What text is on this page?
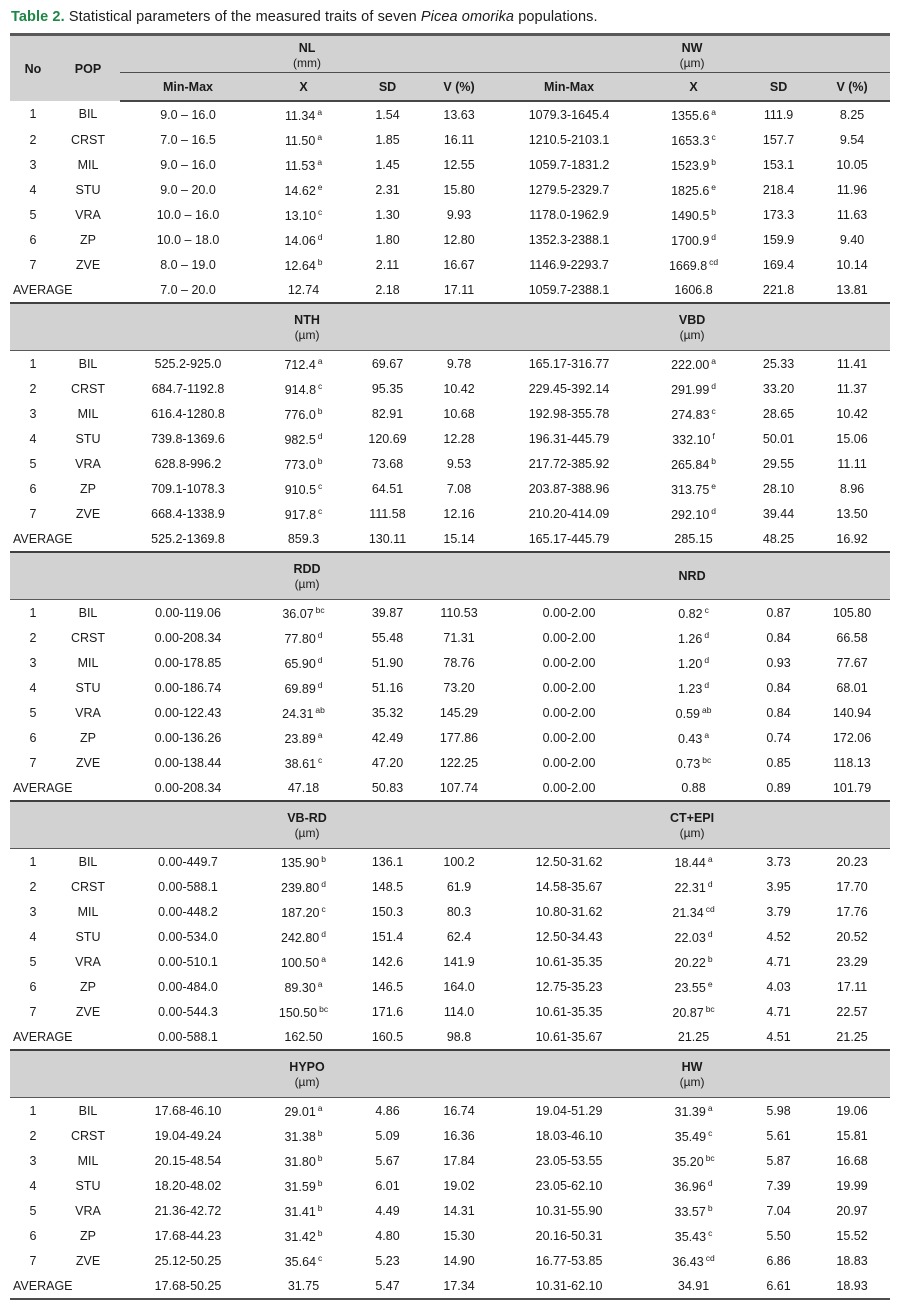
Table 2. Statistical parameters of the measured traits of seven Picea omorika populations.
No	POP	
NL
(mm)

NW
(µm)

		Min-Max	X	SD	V (%)	Min-Max	X	SD	V (%)
1	BIL	9.0 – 16.0	11.34 $^a$	1.54	13.63	1079.3-1645.4	1355.6 $^a$	111.9	8.25
2	CRST	7.0 – 16.5	11.50 $^a$	1.85	16.11	1210.5-2103.1	1653.3 $^c$	157.7	9.54
3	MIL	9.0 – 16.0	11.53 $^a$	1.45	12.55	1059.7-1831.2	1523.9 $^b$	153.1	10.05
4	STU	9.0 – 20.0	14.62 $^e$	2.31	15.80	1279.5-2329.7	1825.6 $^e$	218.4	11.96
5	VRA	10.0 – 16.0	13.10 $^c$	1.30	9.93	1178.0-1962.9	1490.5 $^b$	173.3	11.63
6	ZP	10.0 – 18.0	14.06 $^d$	1.80	12.80	1352.3-2388.1	1700.9 $^d$	159.9	9.40
7	ZVE	8.0 – 19.0	12.64 $^b$	2.11	16.67	1146.9-2293.7	1669.8 $^{cd}$	169.4	10.14
AVERAGE		7.0 – 20.0	12.74	2.18	17.11	1059.7-2388.1	1606.8	221.8	13.81

NTH
(µm)

VBD
(µm)

1	BIL	525.2-925.0	712.4 $^a$	69.67	9.78	165.17-316.77	222.00 $^a$	25.33	11.41
2	CRST	684.7-1192.8	914.8 $^c$	95.35	10.42	229.45-392.14	291.99 $^d$	33.20	11.37
3	MIL	616.4-1280.8	776.0 $^b$	82.91	10.68	192.98-355.78	274.83 $^c$	28.65	10.42
4	STU	739.8-1369.6	982.5 $^d$	120.69	12.28	196.31-445.79	332.10 $^f$	50.01	15.06
5	VRA	628.8-996.2	773.0 $^b$	73.68	9.53	217.72-385.92	265.84 $^b$	29.55	11.11
6	ZP	709.1-1078.3	910.5 $^c$	64.51	7.08	203.87-388.96	313.75 $^e$	28.10	8.96
7	ZVE	668.4-1338.9	917.8 $^c$	111.58	12.16	210.20-414.09	292.10 $^d$	39.44	13.50
AVERAGE		525.2-1369.8	859.3	130.11	15.14	165.17-445.79	285.15	48.25	16.92

		RDD
(µm)				NRD			

1	BIL	0.00-119.06	36.07 $^{bc}$	39.87	110.53	0.00-2.00	0.82 $^c$	0.87	105.80
2	CRST	0.00-208.34	77.80 $^d$	55.48	71.31	0.00-2.00	1.26 $^d$	0.84	66.58
3	MIL	0.00-178.85	65.90 $^d$	51.90	78.76	0.00-2.00	1.20 $^d$	0.93	77.67
4	STU	0.00-186.74	69.89 $^d$	51.16	73.20	0.00-2.00	1.23 $^d$	0.84	68.01
5	VRA	0.00-122.43	24.31 $^{ab}$	35.32	145.29	0.00-2.00	0.59 $^{ab}$	0.84	140.94
6	ZP	0.00-136.26	23.89 $^a$	42.49	177.86	0.00-2.00	0.43 $^a$	0.74	172.06
7	ZVE	0.00-138.44	38.61 $^c$	47.20	122.25	0.00-2.00	0.73 $^{bc}$	0.85	118.13
AVERAGE		0.00-208.34	47.18	50.83	107.74	0.00-2.00	0.88	0.89	101.79

VB-RD
(µm)

CT+EPI
(µm)

1	BIL	0.00-449.7	135.90 $^b$	136.1	100.2	12.50-31.62	18.44 $^a$	3.73	20.23
2	CRST	0.00-588.1	239.80 $^d$	148.5	61.9	14.58-35.67	22.31 $^d$	3.95	17.70
3	MIL	0.00-448.2	187.20 $^c$	150.3	80.3	10.80-31.62	21.34 $^{cd}$	3.79	17.76
4	STU	0.00-534.0	242.80 $^d$	151.4	62.4	12.50-34.43	22.03 $^d$	4.52	20.52
5	VRA	0.00-510.1	100.50 $^a$	142.6	141.9	10.61-35.35	20.22 $^b$	4.71	23.29
6	ZP	0.00-484.0	89.30 $^a$	146.5	164.0	12.75-35.23	23.55 $^e$	4.03	17.11
7	ZVE	0.00-544.3	150.50 $^{bc}$	171.6	114.0	10.61-35.35	20.87 $^{bc}$	4.71	22.57
AVERAGE		0.00-588.1	162.50	160.5	98.8	10.61-35.67	21.25	4.51	21.25

HYPO
(µm)

HW
(µm)

1	BIL	17.68-46.10	29.01 $^a$	4.86	16.74	19.04-51.29	31.39 $^a$	5.98	19.06
2	CRST	19.04-49.24	31.38 $^b$	5.09	16.36	18.03-46.10	35.49 $^c$	5.61	15.81
3	MIL	20.15-48.54	31.80 $^b$	5.67	17.84	23.05-53.55	35.20 $^{bc}$	5.87	16.68
4	STU	18.20-48.02	31.59 $^b$	6.01	19.02	23.05-62.10	36.96 $^d$	7.39	19.99
5	VRA	21.36-42.72	31.41 $^b$	4.49	14.31	10.31-55.90	33.57 $^b$	7.04	20.97
6	ZP	17.68-44.23	31.42 $^b$	4.80	15.30	20.16-50.31	35.43 $^c$	5.50	15.52
7	ZVE	25.12-50.25	35.64 $^c$	5.23	14.90	16.77-53.85	36.43 $^{cd}$	6.86	18.83
AVERAGE		17.68-50.25	31.75	5.47	17.34	10.31-62.10	34.91	6.61	18.93
